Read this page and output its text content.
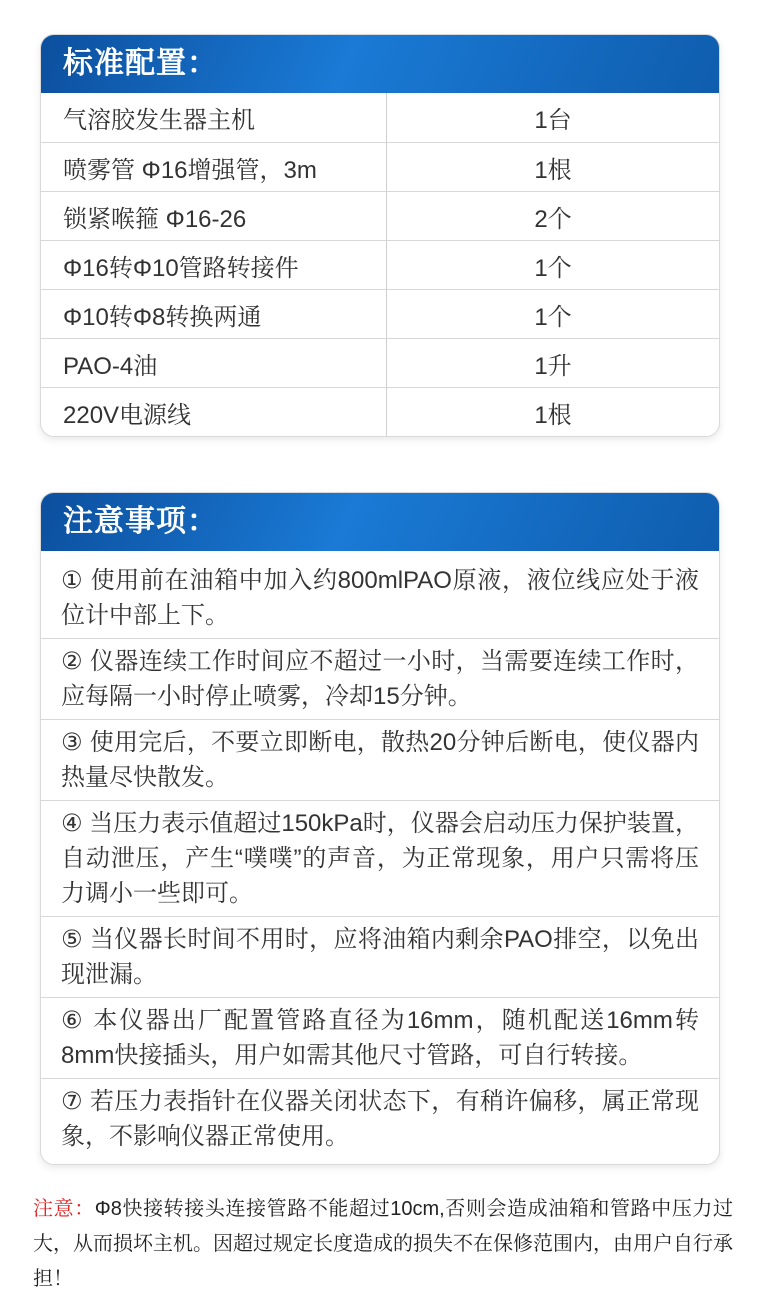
标准配置：
气溶胶发生器主机	1台
喷雾管 Φ16增强管，3m	1根
锁紧喉箍 Φ16-26	2个
Φ16转Φ10管路转接件	1个
Φ10转Φ8转换两通	1个
PAO-4油	1升
220V电源线	1根
注意事项：
① 使用前在油箱中加入约800mlPAO原液，液位线应处于液位计中部上下。
② 仪器连续工作时间应不超过一小时，当需要连续工作时，应每隔一小时停止喷雾，冷却15分钟。
③ 使用完后，不要立即断电，散热20分钟后断电，使仪器内热量尽快散发。
④ 当压力表示值超过150kPa时，仪器会启动压力保护装置，自动泄压，产生“噗噗”的声音，为正常现象，用户只需将压力调小一些即可。
⑤ 当仪器长时间不用时，应将油箱内剩余PAO排空，以免出现泄漏。
⑥ 本仪器出厂配置管路直径为16mm，随机配送16mm转8mm快接插头，用户如需其他尺寸管路，可自行转接。
⑦ 若压力表指针在仪器关闭状态下，有稍许偏移，属正常现象，不影响仪器正常使用。

注意：Φ8快接转接头连接管路不能超过10cm,否则会造成油箱和管路中压力过大，从而损坏主机。因超过规定长度造成的损失不在保修范围内，由用户自行承担！
